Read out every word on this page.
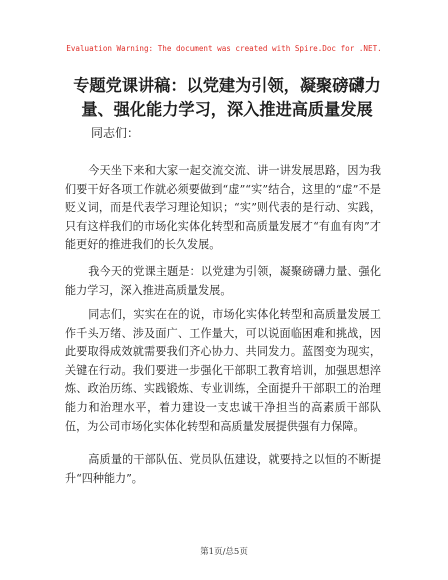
Evaluation Warning: The document was created with Spire.Doc for .NET.
专题党课讲稿：以党建为引领，凝聚磅礴力量、强化能力学习，深入推进高质量发展
同志们：

今天坐下来和大家一起交流交流、讲一讲发展思路，因为我们要干好各项工作就必须要做到“虚”“实”结合，这里的“虚”不是贬义词，而是代表学习理论知识；“实”则代表的是行动、实践，只有这样我们的市场化实体化转型和高质量发展才“有血有肉”才能更好的推进我们的长久发展。

我今天的党课主题是：以党建为引领，凝聚磅礴力量、强化能力学习，深入推进高质量发展。

同志们，实实在在的说，市场化实体化转型和高质量发展工作千头万绪、涉及面广、工作量大，可以说面临困难和挑战，因此要取得成效就需要我们齐心协力、共同发力。蓝图变为现实，关键在行动。我们要进一步强化干部职工教育培训，加强思想淬炼、政治历练、实践锻炼、专业训练，全面提升干部职工的治理能力和治理水平，着力建设一支忠诚干净担当的高素质干部队伍，为公司市场化实体化转型和高质量发展提供强有力保障。

高质量的干部队伍、党员队伍建设，就要持之以恒的不断提升“四种能力”。

第1页/总5页
